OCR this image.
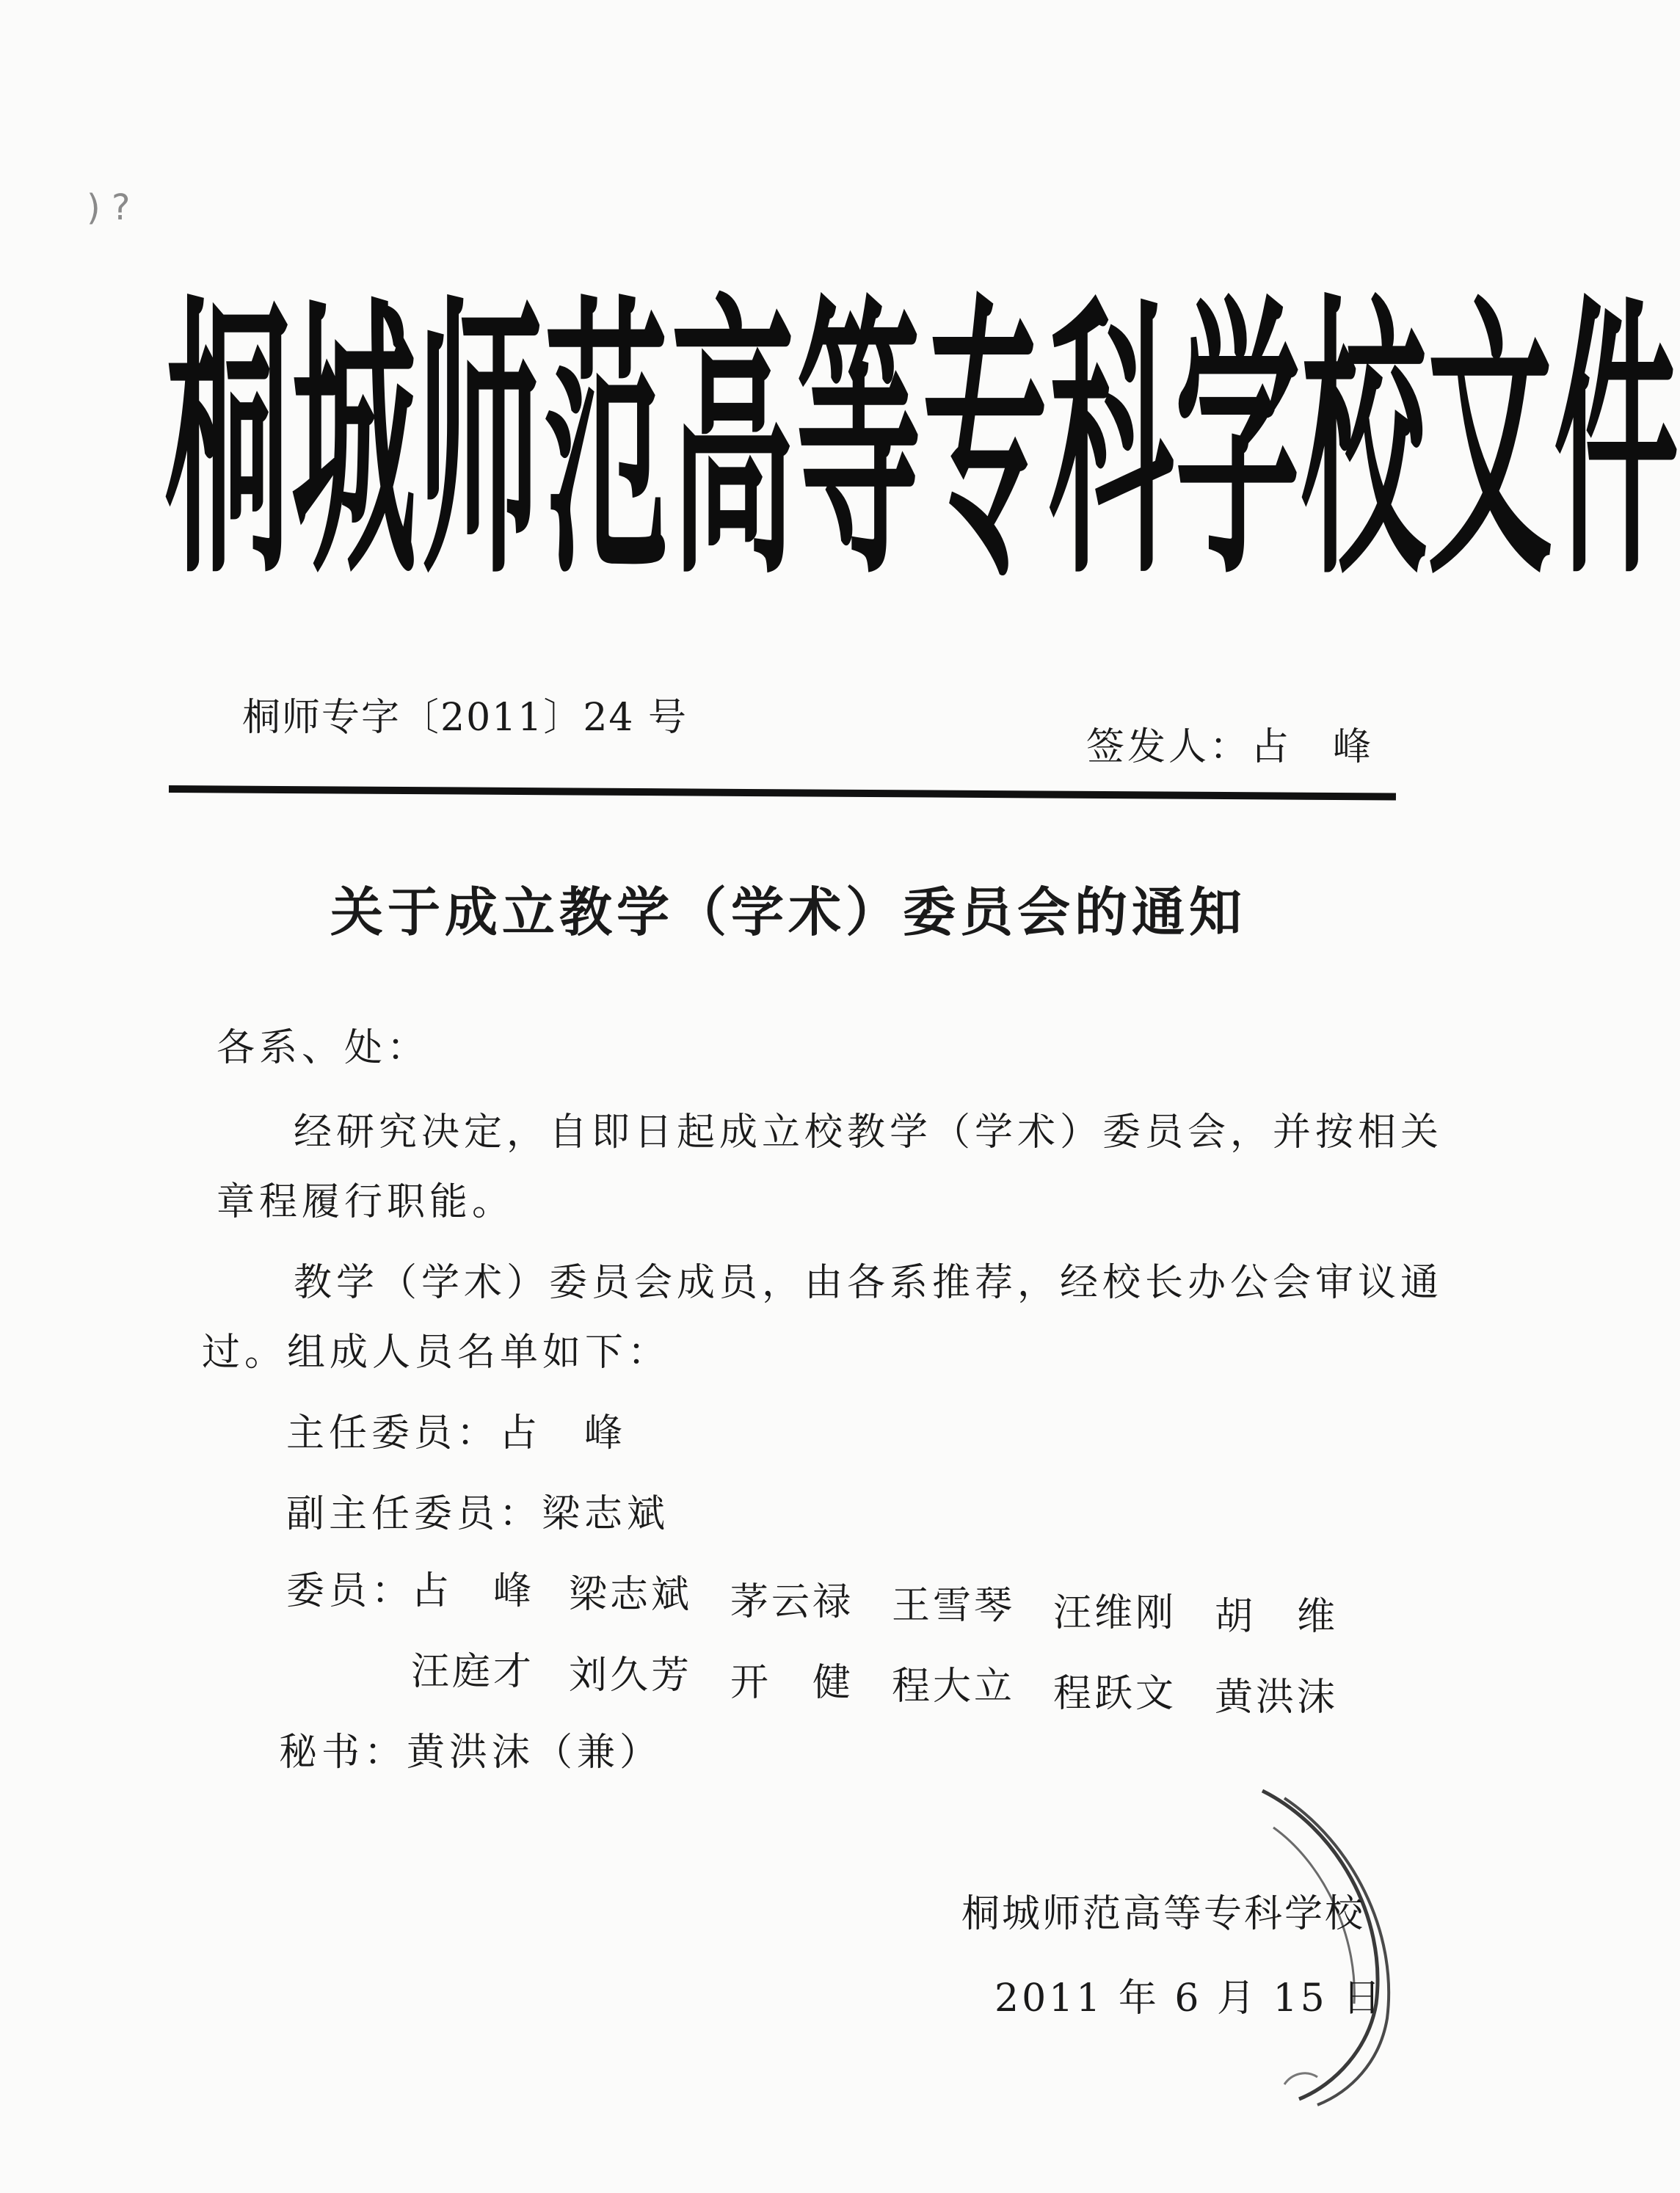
) ?
桐城师范高等专科学校文件
桐师专字〔2011〕24 号
签发人：占　峰
关于成立教学（学术）委员会的通知
各系、处：
经研究决定，自即日起成立校教学（学术）委员会，并按相关
章程履行职能。
教学（学术）委员会成员，由各系推荐，经校长办公会审议通
过。组成人员名单如下：
主任委员：占　峰
副主任委员：梁志斌
委员：
占　峰 梁志斌 茅云禄 王雪琴 汪维刚 胡　维
汪庭才 刘久芳 开　健 程大立 程跃文 黄洪沫
秘书：黄洪沫（兼）
桐城师范高等专科学校
2011 年 6 月 15 日
